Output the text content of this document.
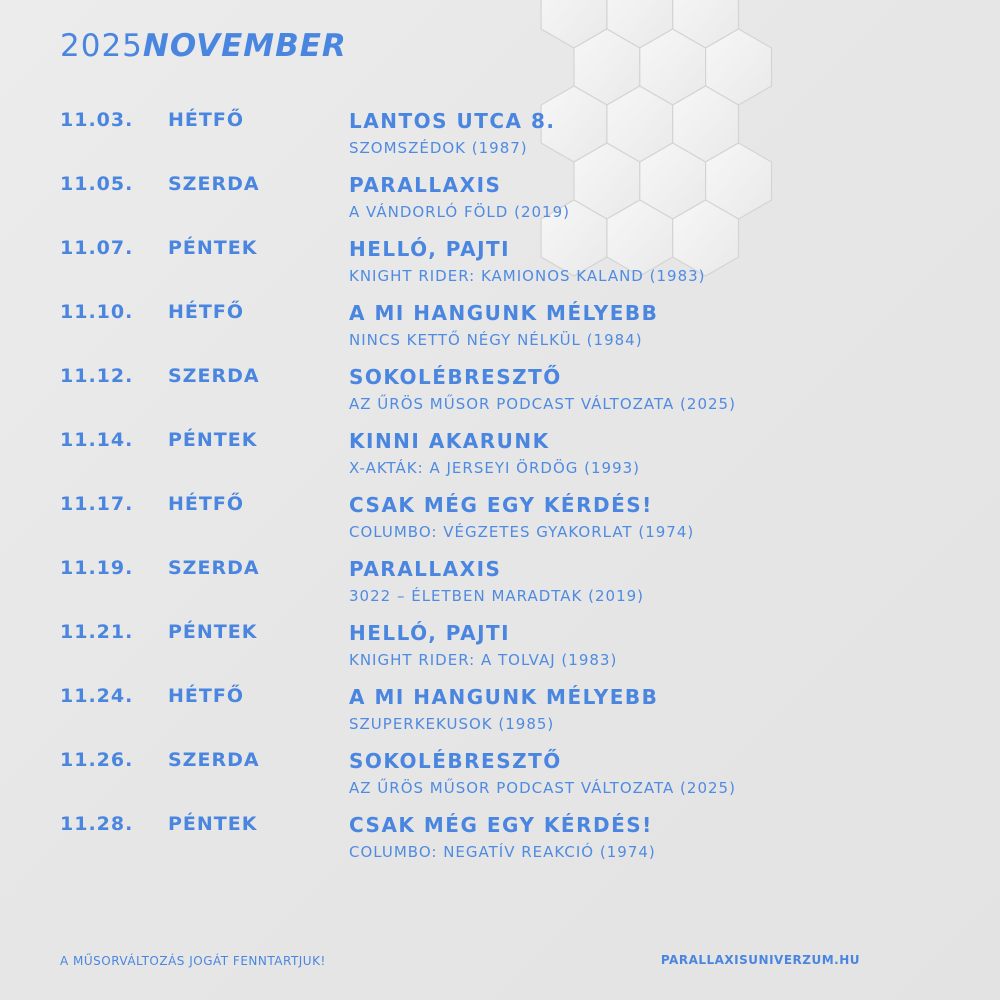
2025NOVEMBER
11.03. HÉTFŐ	LANTOS UTCA 8.
SZOMSZÉDOK (1987)
11.05. SZERDA	PARALLAXIS
A VÁNDORLÓ FÖLD (2019)
11.07. PÉNTEK	HELLÓ, PAJTI
KNIGHT RIDER: KAMIONOS KALAND (1983)
11.10. HÉTFŐ	A MI HANGUNK MÉLYEBB
NINCS KETTŐ NÉGY NÉLKÜL (1984)
11.12. SZERDA	SOKOLÉBRESZTŐ
AZ ŰRÖS MŰSOR PODCAST VÁLTOZATA (2025)
11.14. PÉNTEK	KINNI AKARUNK
X-AKTÁK: A JERSEYI ÖRDÖG (1993)
11.17. HÉTFŐ	CSAK MÉG EGY KÉRDÉS!
COLUMBO: VÉGZETES GYAKORLAT (1974)
11.19. SZERDA	PARALLAXIS
3022 – ÉLETBEN MARADTAK (2019)
11.21. PÉNTEK	HELLÓ, PAJTI
KNIGHT RIDER: A TOLVAJ (1983)
11.24. HÉTFŐ	A MI HANGUNK MÉLYEBB
SZUPERKEKUSOK (1985)
11.26. SZERDA	SOKOLÉBRESZTŐ
AZ ŰRÖS MŰSOR PODCAST VÁLTOZATA (2025)
11.28. PÉNTEK	CSAK MÉG EGY KÉRDÉS!
COLUMBO: NEGATÍV REAKCIÓ (1974)
A MŰSORVÁLTOZÁS JOGÁT FENNTARTJUK!	PARALLAXISUNIVERZUM.HU
